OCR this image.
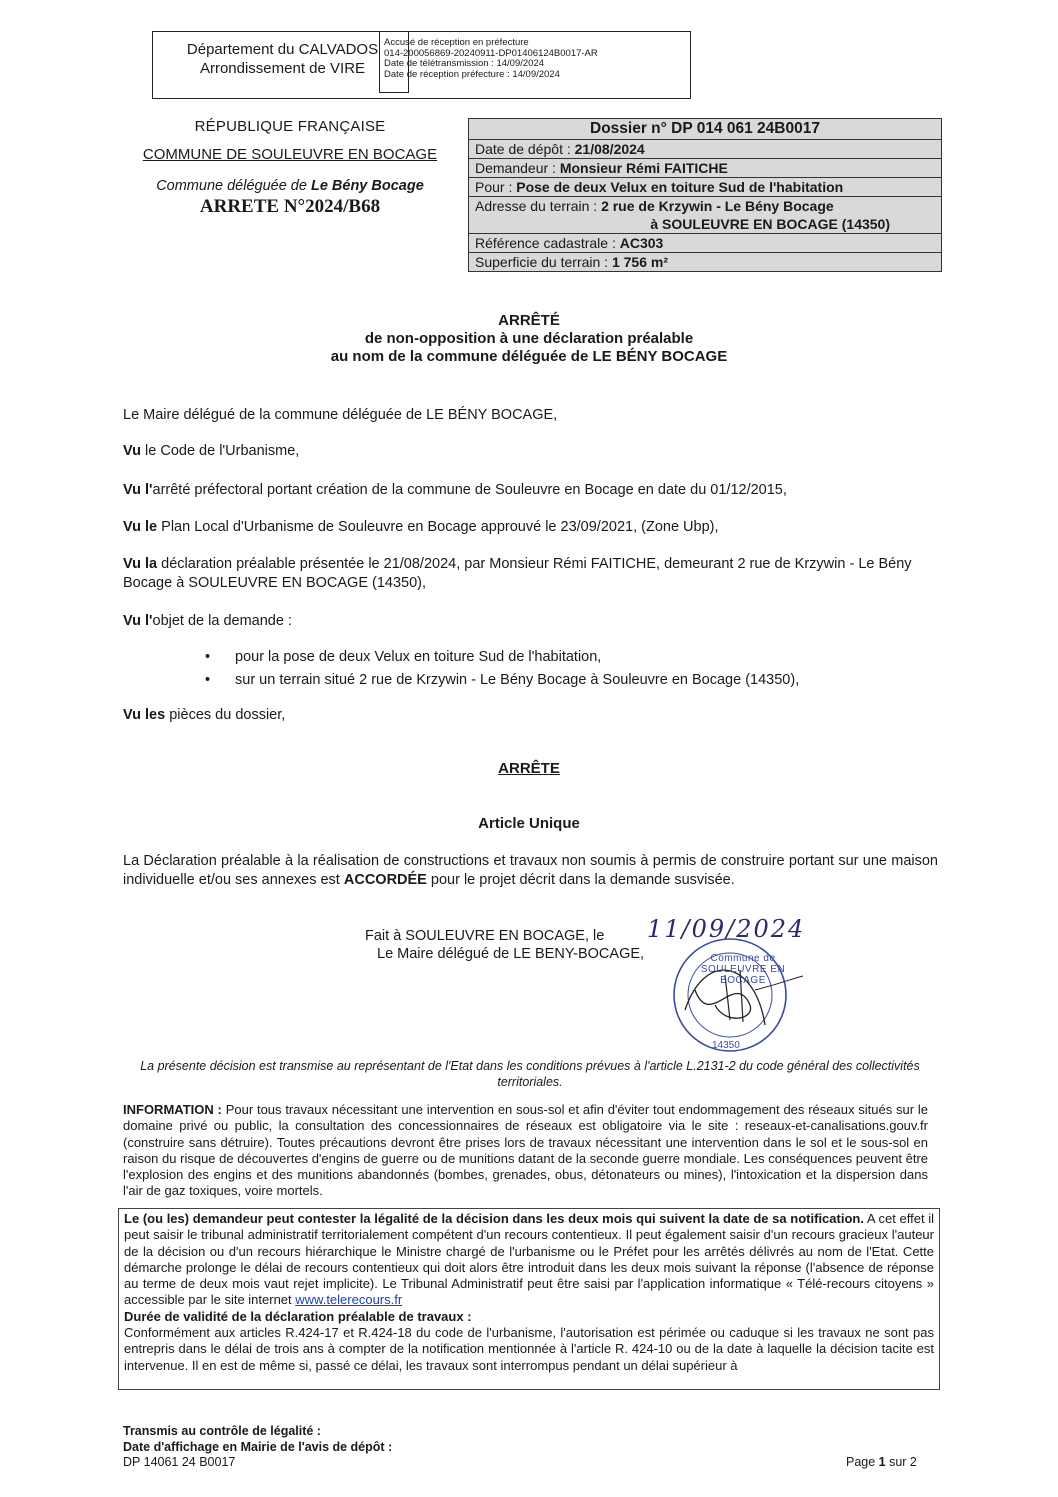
Département du CALVADOS
Arrondissement de VIRE
Accusé de réception en préfecture
014-200056869-20240911-DP01406124B0017-AR
Date de télétransmission : 14/09/2024
Date de réception préfecture : 14/09/2024
RÉPUBLIQUE FRANÇAISE
COMMUNE DE SOULEUVRE EN BOCAGE
Commune déléguée de Le Bény Bocage
ARRETE N°2024/B68
Dossier n° DP 014 061 24B0017
Date de dépôt : 21/08/2024
Demandeur : Monsieur Rémi FAITICHE
Pour : Pose de deux Velux en toiture Sud de l'habitation
Adresse du terrain : 2 rue de Krzywin - Le Bény Bocage

à SOULEUVRE EN BOCAGE (14350)
Référence cadastrale : AC303
Superficie du terrain : 1 756 m²
ARRÊTÉ
de non-opposition à une déclaration préalable
au nom de la commune déléguée de LE BÉNY BOCAGE
Le Maire délégué de la commune déléguée de LE BÉNY BOCAGE,
Vu le Code de l'Urbanisme,
Vu l'arrêté préfectoral portant création de la commune de Souleuvre en Bocage en date du 01/12/2015,
Vu le Plan Local d'Urbanisme de Souleuvre en Bocage approuvé le 23/09/2021, (Zone Ubp),
Vu la déclaration préalable présentée le 21/08/2024, par Monsieur Rémi FAITICHE, demeurant 2 rue de Krzywin - Le Bény Bocage à SOULEUVRE EN BOCAGE (14350),
Vu l'objet de la demande :
• pour la pose de deux Velux en toiture Sud de l'habitation,
• sur un terrain situé 2 rue de Krzywin - Le Bény Bocage à Souleuvre en Bocage (14350),
Vu les pièces du dossier,
ARRÊTE
Article Unique
La Déclaration préalable à la réalisation de constructions et travaux non soumis à permis de construire portant sur une maison individuelle et/ou ses annexes est ACCORDÉE pour le projet décrit dans la demande susvisée.
Fait à SOULEUVRE EN BOCAGE, le 11/09/2024
Le Maire délégué de LE BENY-BOCAGE,	Commune de SOULEUVRE EN BOCAGE
14350
La présente décision est transmise au représentant de l'Etat dans les conditions prévues à l'article L.2131-2 du code général des collectivités territoriales.
INFORMATION : Pour tous travaux nécessitant une intervention en sous-sol et afin d'éviter tout endommagement des réseaux situés sur le domaine privé ou public, la consultation des concessionnaires de réseaux est obligatoire via le site : reseaux-et-canalisations.gouv.fr (construire sans détruire). Toutes précautions devront être prises lors de travaux nécessitant une intervention dans le sol et le sous-sol en raison du risque de découvertes d'engins de guerre ou de munitions datant de la seconde guerre mondiale. Les conséquences peuvent être l'explosion des engins et des munitions abandonnés (bombes, grenades, obus, détonateurs ou mines), l'intoxication et la dispersion dans l'air de gaz toxiques, voire mortels.
Le (ou les) demandeur peut contester la légalité de la décision dans les deux mois qui suivent la date de sa notification. A cet effet il peut saisir le tribunal administratif territorialement compétent d'un recours contentieux. Il peut également saisir d'un recours gracieux l'auteur de la décision ou d'un recours hiérarchique le Ministre chargé de l'urbanisme ou le Préfet pour les arrêtés délivrés au nom de l'Etat. Cette démarche prolonge le délai de recours contentieux qui doit alors être introduit dans les deux mois suivant la réponse (l'absence de réponse au terme de deux mois vaut rejet implicite). Le Tribunal Administratif peut être saisi par l'application informatique « Télé-recours citoyens » accessible par le site internet www.telerecours.fr
Durée de validité de la déclaration préalable de travaux :
Conformément aux articles R.424-17 et R.424-18 du code de l'urbanisme, l'autorisation est périmée ou caduque si les travaux ne sont pas entrepris dans le délai de trois ans à compter de la notification mentionnée à l'article R. 424-10 ou de la date à laquelle la décision tacite est intervenue. Il en est de même si, passé ce délai, les travaux sont interrompus pendant un délai supérieur à
Transmis au contrôle de légalité :
Date d'affichage en Mairie de l'avis de dépôt :
DP 14061 24 B0017	Page 1 sur 2
